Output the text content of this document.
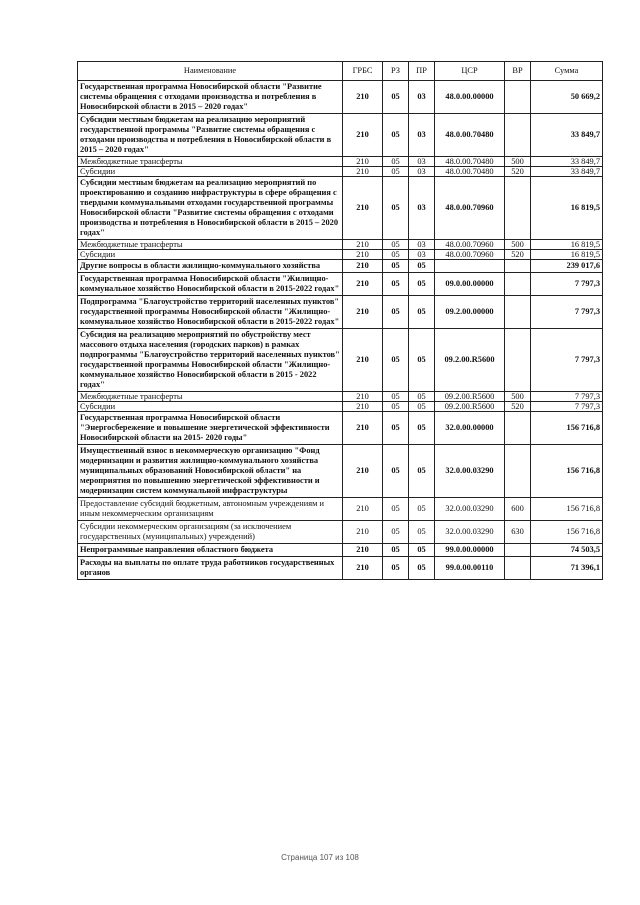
Наименование	ГРБС	РЗ	ПР	ЦСР	ВР	Сумма
Государственная программа Новосибирской области "Развитие системы обращения с отходами производства и потребления в Новосибирской области в 2015 – 2020 годах"	210	05	03	48.0.00.00000		50 669,2
Субсидии местным бюджетам на реализацию мероприятий государственной программы "Развитие системы обращения с отходами производства и потребления в Новосибирской области в 2015 – 2020 годах"	210	05	03	48.0.00.70480		33 849,7
Межбюджетные трансферты	210	05	03	48.0.00.70480	500	33 849,7
Субсидии	210	05	03	48.0.00.70480	520	33 849,7
Субсидии местным бюджетам на реализацию мероприятий по проектированию и созданию инфраструктуры в сфере обращения с твердыми коммунальными отходами государственной программы Новосибирской области "Развитие системы обращения с отходами производства и потребления в Новосибирской области в 2015 – 2020 годах"	210	05	03	48.0.00.70960		16 819,5
Межбюджетные трансферты	210	05	03	48.0.00.70960	500	16 819,5
Субсидии	210	05	03	48.0.00.70960	520	16 819,5
Другие вопросы в области жилищно-коммунального хозяйства	210	05	05			239 017,6
Государственная программа Новосибирской области "Жилищно-коммунальное хозяйство Новосибирской области в 2015-2022 годах"	210	05	05	09.0.00.00000		7 797,3
Подпрограмма "Благоустройство территорий населенных пунктов" государственной программы Новосибирской области "Жилищно-коммунальное хозяйство Новосибирской области в 2015-2022 годах"	210	05	05	09.2.00.00000		7 797,3
Субсидия на реализацию мероприятий по обустройству мест массового отдыха населения (городских парков) в рамках подпрограммы "Благоустройство территорий населенных пунктов" государственной программы Новосибирской области "Жилищно-коммунальное хозяйство Новосибирской области в 2015 - 2022 годах"	210	05	05	09.2.00.R5600		7 797,3
Межбюджетные трансферты	210	05	05	09.2.00.R5600	500	7 797,3
Субсидии	210	05	05	09.2.00.R5600	520	7 797,3
Государственная программа Новосибирской области "Энергосбережение и повышение энергетической эффективности Новосибирской области на 2015- 2020 годы"	210	05	05	32.0.00.00000		156 716,8
Имущественный взнос в некоммерческую организацию "Фонд модернизации и развития жилищно-коммунального хозяйства муниципальных образований Новосибирской области" на мероприятия по повышению энергетической эффективности и модернизации систем коммунальной инфраструктуры	210	05	05	32.0.00.03290		156 716,8
Предоставление субсидий бюджетным, автономным учреждениям и иным некоммерческим организациям	210	05	05	32.0.00.03290	600	156 716,8
Субсидии некоммерческим организациям (за исключением государственных (муниципальных) учреждений)	210	05	05	32.0.00.03290	630	156 716,8
Непрограммные направления областного бюджета	210	05	05	99.0.00.00000		74 503,5
Расходы на выплаты по оплате труда работников государственных органов	210	05	05	99.0.00.00110		71 396,1
Страница 107 из 108
